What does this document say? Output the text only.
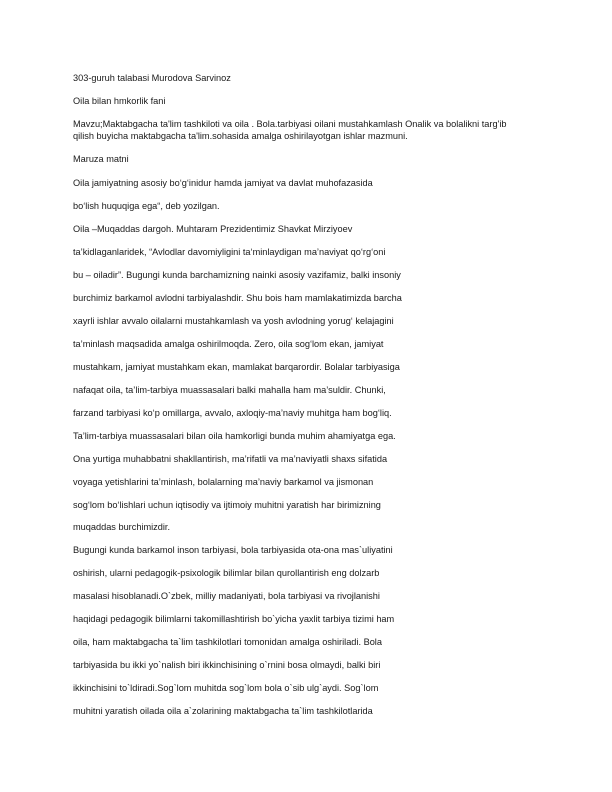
303-guruh talabasi Murodova Sarvinoz
Oila bilan hmkorlik fani
Mavzu;Maktabgacha ta'lim tashkiloti va oila . Bola.tarbiyasi oilani mustahkamlash Onalik va bolalikni targ'ib
qilish buyicha maktabgacha ta'lim.sohasida amalga oshirilayotgan ishlar mazmuni.
Maruza matni
Oila jamiyatning asosiy bo‘g‘inidur hamda jamiyat va davlat muhofazasida
bo‘lish huquqiga ega“, deb yozilgan.
Oila –Muqaddas dargoh. Muhtaram Prezidentimiz Shavkat Mirziyoev
ta’kidlaganlaridek, “Avlodlar davomiyligini ta‘minlaydigan ma’naviyat qo‘rg‘oni
bu – oiladir”. Bugungi kunda barchamizning nainki asosiy vazifamiz, balki insoniy
burchimiz barkamol avlodni tarbiyalashdir. Shu bois ham mamlakatimizda barcha
xayrli ishlar avvalo oilalarni mustahkamlash va yosh avlodning yorug‘ kelajagini
ta’minlash maqsadida amalga oshirilmoqda. Zero, oila sog‘lom ekan, jamiyat
mustahkam, jamiyat mustahkam ekan, mamlakat barqarordir. Bolalar tarbiyasiga
nafaqat oila, ta’lim-tarbiya muassasalari balki mahalla ham ma’suldir. Chunki,
farzand tarbiyasi ko‘p omillarga, avvalo, axloqiy-ma’naviy muhitga ham bog‘liq.
Ta’lim-tarbiya muassasalari bilan oila hamkorligi bunda muhim ahamiyatga ega.
Ona yurtiga muhabbatni shakllantirish, ma’rifatli va ma’naviyatli shaxs sifatida
voyaga yetishlarini ta’minlash, bolalarning ma’naviy barkamol va jismonan
sog‘lom bo‘lishlari uchun iqtisodiy va ijtimoiy muhitni yaratish har birimizning
muqaddas burchimizdir.
Bugungi kunda barkamol inson tarbiyasi, bola tarbiyasida ota-ona mas`uliyatini
oshirish, ularni pedagogik-psixologik bilimlar bilan qurollantirish eng dolzarb
masalasi hisoblanadi.O`zbek, milliy madaniyati, bola tarbiyasi va rivojlanishi
haqidagi pedagogik bilimlarni takomillashtirish bo`yicha yaxlit tarbiya tizimi ham
oila, ham maktabgacha ta`lim tashkilotlari tomonidan amalga oshiriladi. Bola
tarbiyasida bu ikki yo`nalish biri ikkinchisining o`rnini bosa olmaydi, balki biri
ikkinchisini to`ldiradi.Sog`lom muhitda sog`lom bola o`sib ulg`aydi. Sog`lom
muhitni yaratish oilada oila a`zolarining maktabgacha ta`lim tashkilotlarida
